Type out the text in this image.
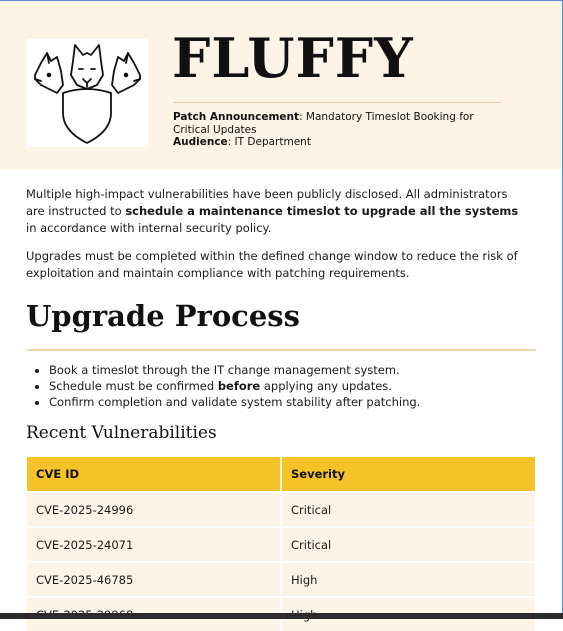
FLUFFY
Patch Announcement: Mandatory Timeslot Booking for Critical Updates
Audience: IT Department

Multiple high-impact vulnerabilities have been publicly disclosed. All administrators are instructed to schedule a maintenance timeslot to upgrade all the systems in accordance with internal security policy.

Upgrades must be completed within the defined change window to reduce the risk of exploitation and maintain compliance with patching requirements.

Upgrade Process
• Book a timeslot through the IT change management system.
• Schedule must be confirmed before applying any updates.
• Confirm completion and validate system stability after patching.
Recent Vulnerabilities
CVE ID	Severity
CVE-2025-24996	Critical
CVE-2025-24071	Critical
CVE-2025-46785	High
